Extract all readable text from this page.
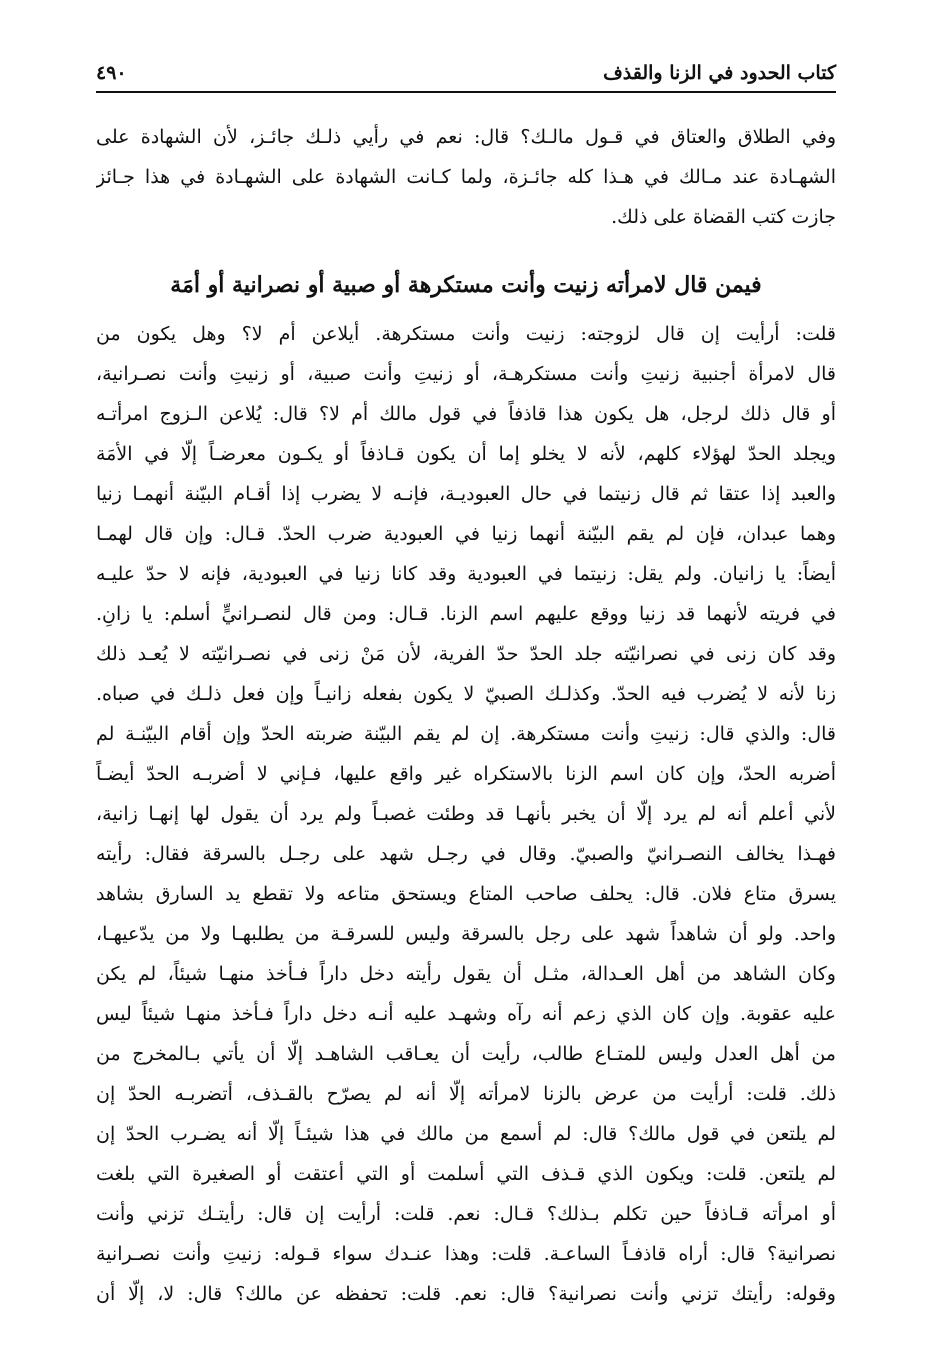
كتاب الحدود في الزنا والقذف
٤٩٠
وفي الطلاق والعتاق في قـول مالـك؟ قال: نعم في رأيي ذلـك جائـز، لأن الشهادة على
الشهـادة عند مـالك في هـذا كله جائـزة، ولما كـانت الشهادة على الشهـادة في هذا جـائز
جازت كتب القضاة على ذلك.
فيمن قال لامرأته زنيت وأنت مستكرهة أو صبية أو نصرانية أو أمَة
قلت: أرأيت إن قال لزوجته: زنيت وأنت مستكرهة. أيلاعن أم لا؟ وهل يكون من
قال لامرأة أجنبية زنيتِ وأنت مستكرهـة، أو زنيتِ وأنت صبية، أو زنيتِ وأنت نصـرانية،
أو قال ذلك لرجل، هل يكون هذا قاذفاً في قول مالك أم لا؟ قال: يُلاعن الـزوج امرأتـه
ويجلد الحدّ لهؤلاء كلهم، لأنه لا يخلو إما أن يكون قـاذفاً أو يكـون معرضـاً إلّا في الأمَة
والعبد إذا عتقا ثم قال زنيتما في حال العبوديـة، فإنـه لا يضرب إذا أقـام البيّنة أنهمـا زنيا
وهما عبدان، فإن لم يقم البيّنة أنهما زنيا في العبودية ضرب الحدّ. قـال: وإن قال لهمـا
أيضاً: يا زانيان. ولم يقل: زنيتما في العبودية وقد كانا زنيا في العبودية، فإنه لا حدّ عليـه
في فريته لأنهما قد زنيا ووقع عليهم اسم الزنا. قـال: ومن قال لنصـرانيٍّ أسلم: يا زانِ.
وقد كان زنى في نصرانيّته جلد الحدّ حدّ الفرية، لأن مَنْ زنى في نصـرانيّته لا يُعـد ذلك
زنا لأنه لا يُضرب فيه الحدّ. وكذلـك الصبيّ لا يكون بفعله زانيـاً وإن فعل ذلـك في صباه.
قال: والذي قال: زنيتِ وأنت مستكرهة. إن لم يقم البيّنة ضربته الحدّ وإن أقام البيّنـة لم
أضربه الحدّ، وإن كان اسم الزنا بالاستكراه غير واقع عليها، فـإني لا أضربـه الحدّ أيضـاً
لأني أعلم أنه لم يرد إلّا أن يخبر بأنهـا قد وطئت غصبـاً ولم يرد أن يقول لها إنهـا زانية،
فهـذا يخالف النصـرانيّ والصبيّ. وقال في رجـل شهد على رجـل بالسرقة فقال: رأيته
يسرق متاع فلان. قال: يحلف صاحب المتاع ويستحق متاعه ولا تقطع يد السارق بشاهد
واحد. ولو أن شاهداً شهد على رجل بالسرقة وليس للسرقـة من يطلبهـا ولا من يدّعيهـا،
وكان الشاهد من أهل العـدالة، مثـل أن يقول رأيته دخل داراً فـأخذ منهـا شيئاً، لم يكن
عليه عقوبة. وإن كان الذي زعم أنه رآه وشهـد عليه أنـه دخل داراً فـأخذ منهـا شيئاً ليس
من أهل العدل وليس للمتـاع طالب، رأيت أن يعـاقب الشاهـد إلّا أن يأتي بـالمخرج من
ذلك. قلت: أرأيت من عرض بالزنا لامرأته إلّا أنه لم يصرّح بالقـذف، أتضربـه الحدّ إن
لم يلتعن في قول مالك؟ قال: لم أسمع من مالك في هذا شيئـاً إلّا أنه يضـرب الحدّ إن
لم يلتعن. قلت: ويكون الذي قـذف التي أسلمت أو التي أعتقت أو الصغيرة التي بلغت
أو امرأته قـاذفاً حين تكلم بـذلك؟ قـال: نعم. قلت: أرأيت إن قال: رأيتـك تزني وأنت
نصرانية؟ قال: أراه قاذفـاً الساعـة. قلت: وهذا عنـدك سواء قـوله: زنيتِ وأنت نصـرانية
وقوله: رأيتك تزني وأنت نصرانية؟ قال: نعم. قلت: تحفظه عن مالك؟ قال: لا، إلّا أن
